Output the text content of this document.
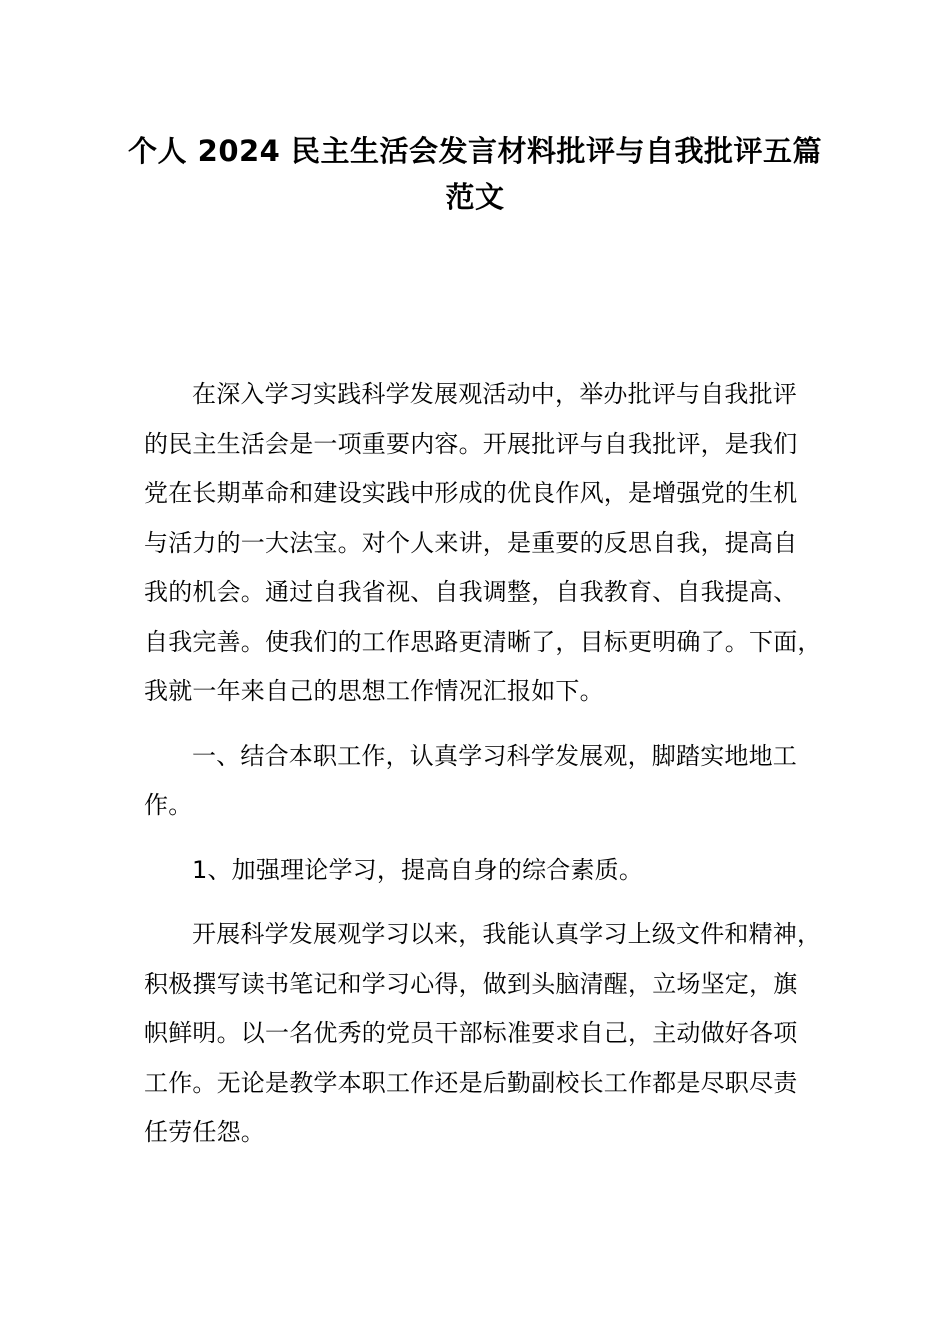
个人 2024 民主生活会发言材料批评与自我批评五篇
范文

在深入学习实践科学发展观活动中，举办批评与自我批评
的民主生活会是一项重要内容。开展批评与自我批评，是我们
党在长期革命和建设实践中形成的优良作风，是增强党的生机
与活力的一大法宝。对个人来讲，是重要的反思自我，提高自
我的机会。通过自我省视、自我调整，自我教育、自我提高、
自我完善。使我们的工作思路更清晰了，目标更明确了。下面，
我就一年来自己的思想工作情况汇报如下。

一、结合本职工作，认真学习科学发展观，脚踏实地地工
作。

1、加强理论学习，提高自身的综合素质。

开展科学发展观学习以来，我能认真学习上级文件和精神，
积极撰写读书笔记和学习心得，做到头脑清醒，立场坚定，旗
帜鲜明。以一名优秀的党员干部标准要求自己，主动做好各项
工作。无论是教学本职工作还是后勤副校长工作都是尽职尽责
任劳任怨。
